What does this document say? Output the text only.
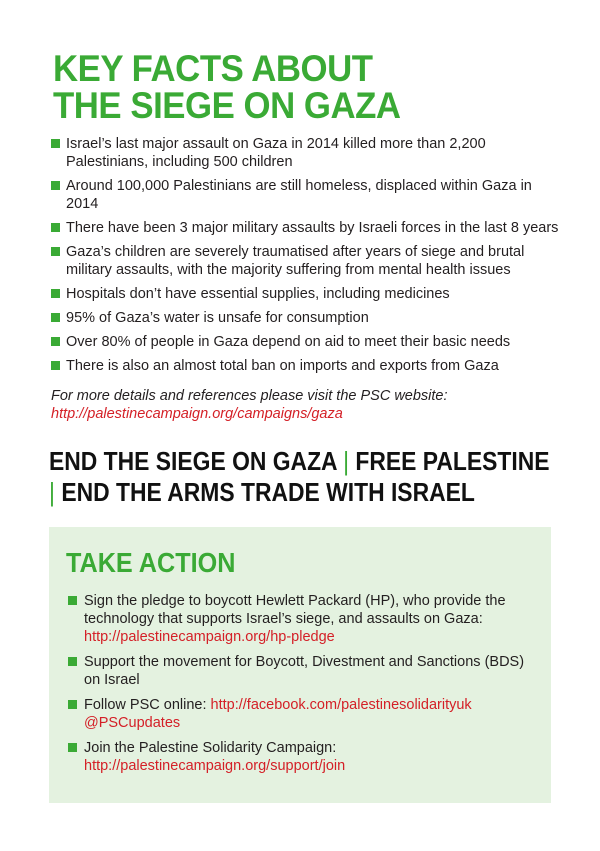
KEY FACTS ABOUT
THE SIEGE ON GAZA
Israel’s last major assault on Gaza in 2014 killed more than 2,200 Palestinians, including 500 children
Around 100,000 Palestinians are still homeless, displaced within Gaza in 2014
There have been 3 major military assaults by Israeli forces in the last 8 years
Gaza’s children are severely traumatised after years of siege and brutal military assaults, with the majority suffering from mental health issues
Hospitals don’t have essential supplies, including medicines
95% of Gaza’s water is unsafe for consumption
Over 80% of people in Gaza depend on aid to meet their basic needs
There is also an almost total ban on imports and exports from Gaza
For more details and references please visit the PSC website:
http://palestinecampaign.org/campaigns/gaza
END THE SIEGE ON GAZA | FREE PALESTINE
| END THE ARMS TRADE WITH ISRAEL
TAKE ACTION
Sign the pledge to boycott Hewlett Packard (HP), who provide the technology that supports Israel’s siege, and assaults on Gaza:
http://palestinecampaign.org/hp-pledge
Support the movement for Boycott, Divestment and Sanctions (BDS) on Israel
Follow PSC online: http://facebook.com/palestinesolidarityuk
@PSCupdates
Join the Palestine Solidarity Campaign:
http://palestinecampaign.org/support/join
